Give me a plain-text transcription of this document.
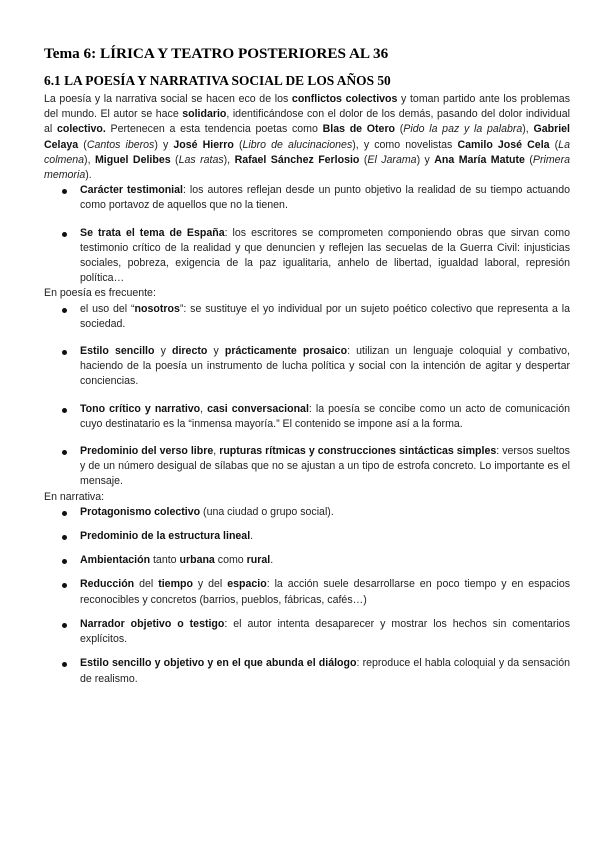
Tema 6: LÍRICA Y TEATRO POSTERIORES AL 36
6.1 LA POESÍA Y NARRATIVA SOCIAL DE LOS AÑOS 50

La poesía y la narrativa social se hacen eco de los conflictos colectivos y toman partido ante los problemas del mundo. El autor se hace solidario, identificándose con el dolor de los demás, pasando del dolor individual al colectivo. Pertenecen a esta tendencia poetas como Blas de Otero (Pido la paz y la palabra), Gabriel Celaya (Cantos iberos) y José Hierro (Libro de alucinaciones), y como novelistas Camilo José Cela (La colmena), Miguel Delibes (Las ratas), Rafael Sánchez Ferlosio (El Jarama) y Ana María Matute (Primera memoria).

Carácter testimonial: los autores reflejan desde un punto objetivo la realidad de su tiempo actuando como portavoz de aquellos que no la tienen.
Se trata el tema de España: los escritores se comprometen componiendo obras que sirvan como testimonio crítico de la realidad y que denuncien y reflejen las secuelas de la Guerra Civil: injusticias sociales, pobreza, exigencia de la paz igualitaria, anhelo de libertad, igualdad laboral, represión política…

En poesía es frecuente:

el uso del “nosotros”: se sustituye el yo individual por un sujeto poético colectivo que representa a la sociedad.
Estilo sencillo y directo y prácticamente prosaico: utilizan un lenguaje coloquial y combativo, haciendo de la poesía un instrumento de lucha política y social con la intención de agitar y despertar conciencias.
Tono crítico y narrativo, casi conversacional: la poesía se concibe como un acto de comunicación cuyo destinatario es la “inmensa mayoría.” El contenido se impone así a la forma.
Predominio del verso libre, rupturas rítmicas y construcciones sintácticas simples: versos sueltos y de un número desigual de sílabas que no se ajustan a un tipo de estrofa concreto. Lo importante es el mensaje.

En narrativa:

Protagonismo colectivo (una ciudad o grupo social).
Predominio de la estructura lineal.
Ambientación tanto urbana como rural.
Reducción del tiempo y del espacio: la acción suele desarrollarse en poco tiempo y en espacios reconocibles y concretos (barrios, pueblos, fábricas, cafés…)
Narrador objetivo o testigo: el autor intenta desaparecer y mostrar los hechos sin comentarios explícitos.
Estilo sencillo y objetivo y en el que abunda el diálogo: reproduce el habla coloquial y da sensación de realismo.
